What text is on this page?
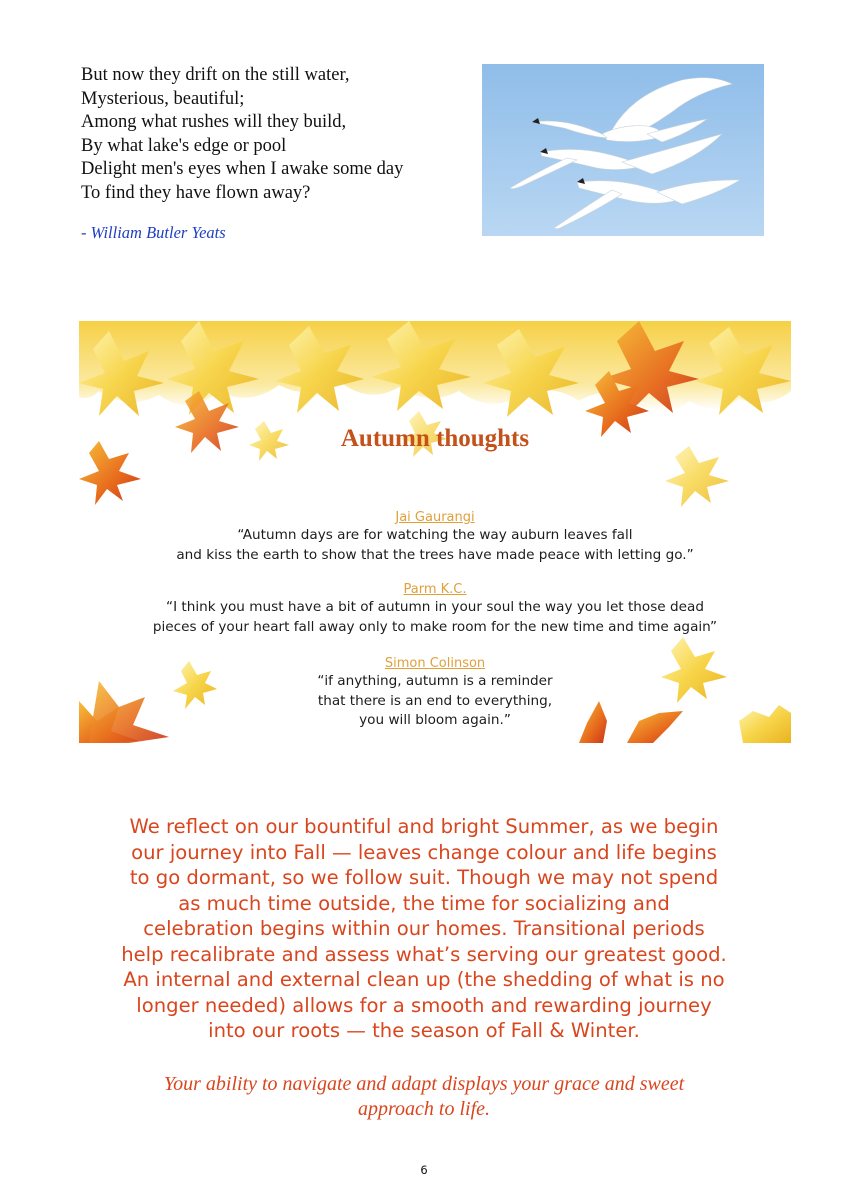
But now they drift on the still water,
Mysterious, beautiful;
Among what rushes will they build,
By what lake's edge or pool
Delight men's eyes when I awake some day
To find they have flown away?
- William Butler Yeats
Autumn thoughts
Jai Gaurangi
“Autumn days are for watching the way auburn leaves fall
and kiss the earth to show that the trees have made peace with letting go.”
Parm K.C.
“I think you must have a bit of autumn in your soul the way you let those dead
pieces of your heart fall away only to make room for the new time and time again”
Simon Colinson
“if anything, autumn is a reminder
that there is an end to everything,
you will bloom again.”
We reflect on our bountiful and bright Summer, as we begin
our journey into Fall — leaves change colour and life begins
to go dormant, so we follow suit. Though we may not spend
as much time outside, the time for socializing and
celebration begins within our homes. Transitional periods
help recalibrate and assess what’s serving our greatest good.
An internal and external clean up (the shedding of what is no
longer needed) allows for a smooth and rewarding journey
into our roots — the season of Fall & Winter.
Your ability to navigate and adapt displays your grace and sweet
approach to life.
6
